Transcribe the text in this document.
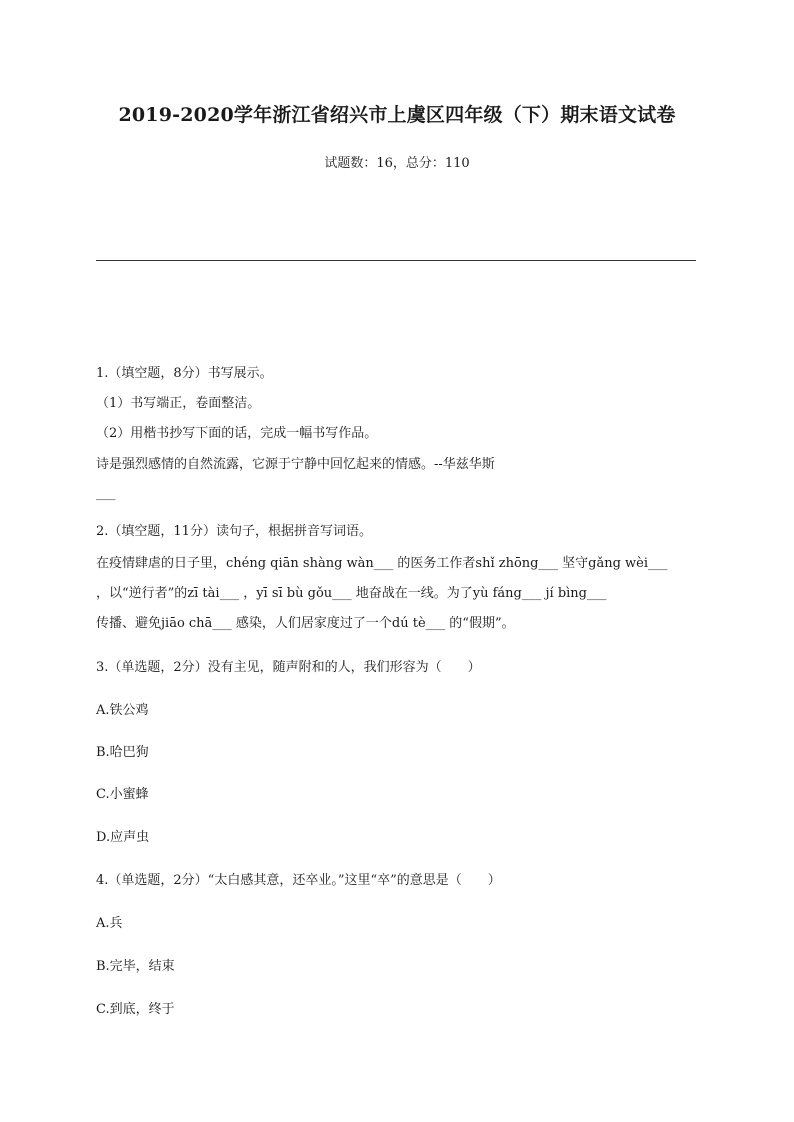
2019-2020学年浙江省绍兴市上虞区四年级（下）期末语文试卷
试题数：16，总分：110
1.（填空题，8分）书写展示。
（1）书写端正，卷面整洁。
（2）用楷书抄写下面的话，完成一幅书写作品。
诗是强烈感情的自然流露，它源于宁静中回忆起来的情感。--华兹华斯
___
2.（填空题，11分）读句子，根据拼音写词语。
在疫情肆虐的日子里，chéng qiān shàng wàn___ 的医务工作者shǐ zhōng___ 坚守gǎng wèi___
，以“逆行者”的zī tài___ ，yī sī bù gǒu___ 地奋战在一线。为了yù fáng___ jí bìng___
传播、避免jiāo chā___ 感染，人们居家度过了一个dú tè___ 的“假期”。
3.（单选题，2分）没有主见，随声附和的人，我们形容为（　　）
A.铁公鸡
B.哈巴狗
C.小蜜蜂
D.应声虫
4.（单选题，2分）“太白感其意，还卒业。”这里“卒”的意思是（　　）
A.兵
B.完毕，结束
C.到底，终于
